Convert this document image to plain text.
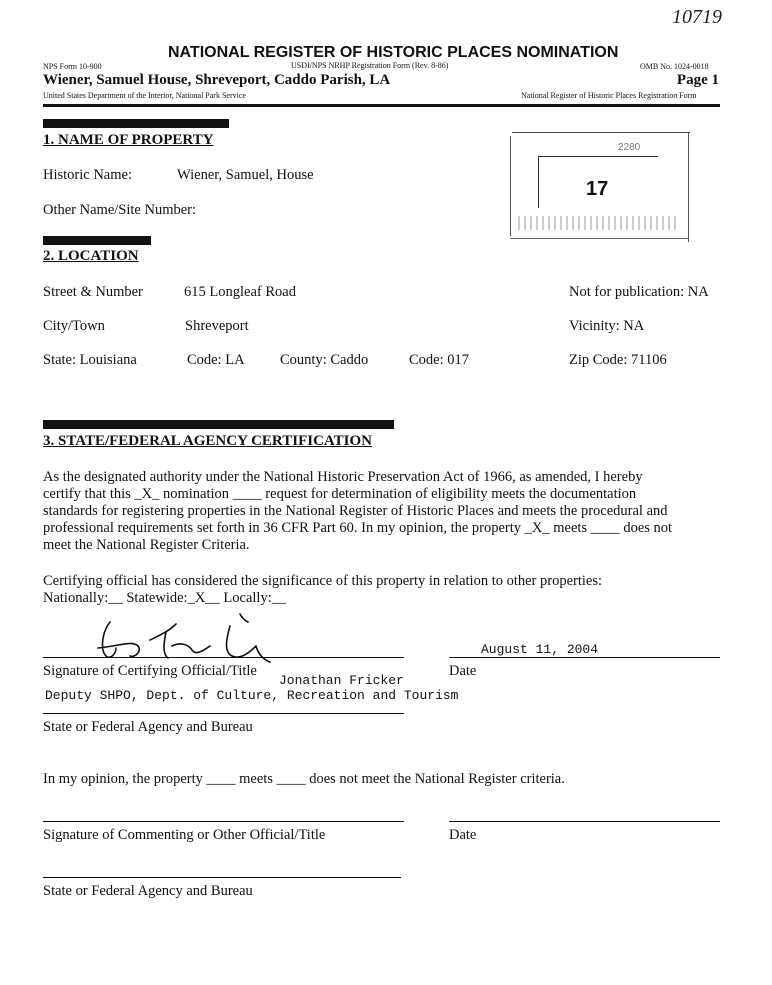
10719
NATIONAL REGISTER OF HISTORIC PLACES NOMINATION
NPS Form 10-900	USDI/NPS NRHP Registration Form (Rev. 8-86)	OMB No. 1024-0018
Wiener, Samuel House, Shreveport, Caddo Parish, LA	Page 1
United States Department of the Interior, National Park Service	National Register of Historic Places Registration Form
2280
17
1. NAME OF PROPERTY
Historic Name:	Wiener, Samuel, House
Other Name/Site Number:
2. LOCATION
Street & Number	615 Longleaf Road	Not for publication: NA
City/Town	Shreveport	Vicinity: NA
State: Louisiana	Code: LA County: Caddo	Code: 017	Zip Code: 71106
3. STATE/FEDERAL AGENCY CERTIFICATION
As the designated authority under the National Historic Preservation Act of 1966, as amended, I hereby
certify that this _X_ nomination ____ request for determination of eligibility meets the documentation
standards for registering properties in the National Register of Historic Places and meets the procedural and
professional requirements set forth in 36 CFR Part 60. In my opinion, the property _X_ meets ____ does not
meet the National Register Criteria.
Certifying official has considered the significance of this property in relation to other properties:
Nationally:__ Statewide:_X__ Locally:__
August 11, 2004
Signature of Certifying Official/Title	Date
Jonathan Fricker
Deputy SHPO, Dept. of Culture, Recreation and Tourism
State or Federal Agency and Bureau
In my opinion, the property ____ meets ____ does not meet the National Register criteria.
Signature of Commenting or Other Official/Title	Date
State or Federal Agency and Bureau
